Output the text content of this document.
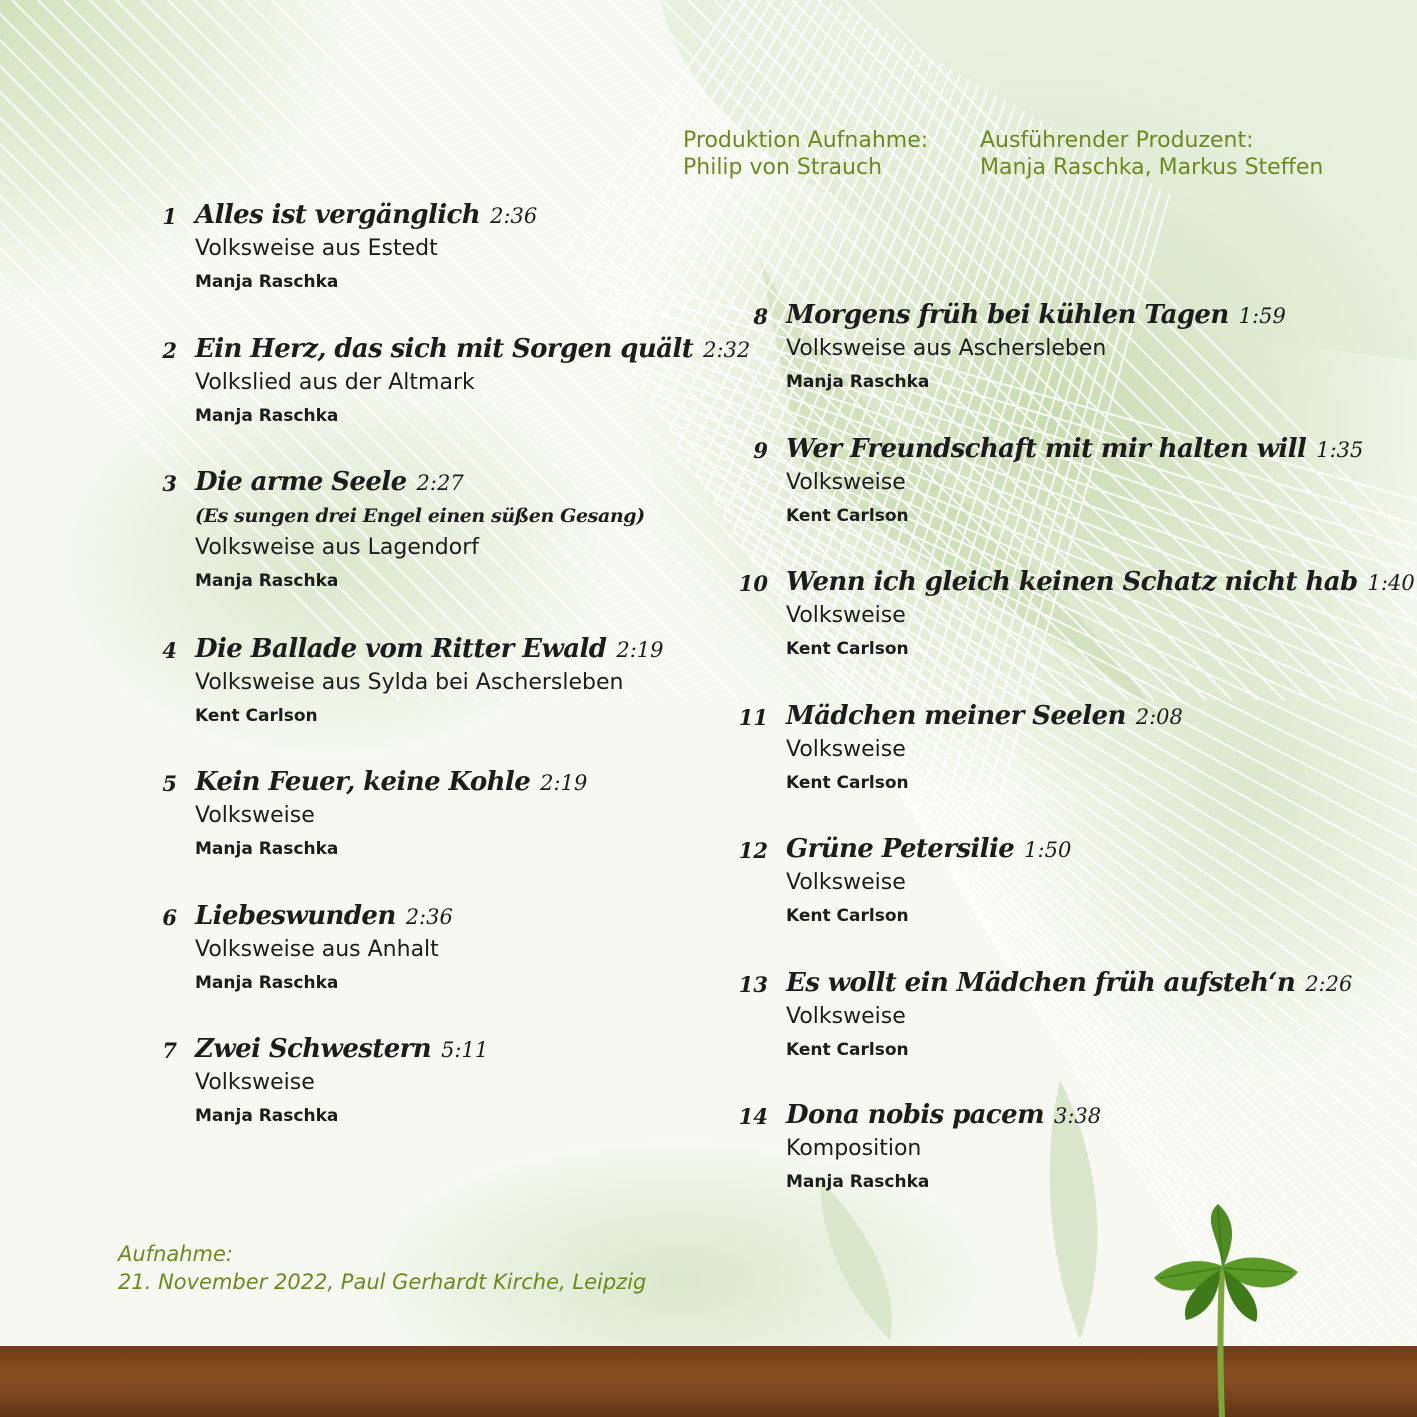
Produktion Aufnahme:
Philip von Strauch
Ausführender Produzent:
Manja Raschka, Markus Steffen
1 Alles ist vergänglich 2:36
Volksweise aus Estedt
Manja Raschka
2 Ein Herz, das sich mit Sorgen quält 2:32
Volkslied aus der Altmark
Manja Raschka
3 Die arme Seele 2:27
(Es sungen drei Engel einen süßen Gesang)
Volksweise aus Lagendorf
Manja Raschka
4 Die Ballade vom Ritter Ewald 2:19
Volksweise aus Sylda bei Aschersleben
Kent Carlson
5 Kein Feuer, keine Kohle 2:19
Volksweise
Manja Raschka
6 Liebeswunden 2:36
Volksweise aus Anhalt
Manja Raschka
7 Zwei Schwestern 5:11
Volksweise
Manja Raschka
8 Morgens früh bei kühlen Tagen 1:59
Volksweise aus Aschersleben
Manja Raschka
9 Wer Freundschaft mit mir halten will 1:35
Volksweise
Kent Carlson
10 Wenn ich gleich keinen Schatz nicht hab 1:40
Volksweise
Kent Carlson
11 Mädchen meiner Seelen 2:08
Volksweise
Kent Carlson
12 Grüne Petersilie 1:50
Volksweise
Kent Carlson
13 Es wollt ein Mädchen früh aufsteh‘n 2:26
Volksweise
Kent Carlson
14 Dona nobis pacem 3:38
Komposition
Manja Raschka
Aufnahme:
21. November 2022, Paul Gerhardt Kirche, Leipzig
